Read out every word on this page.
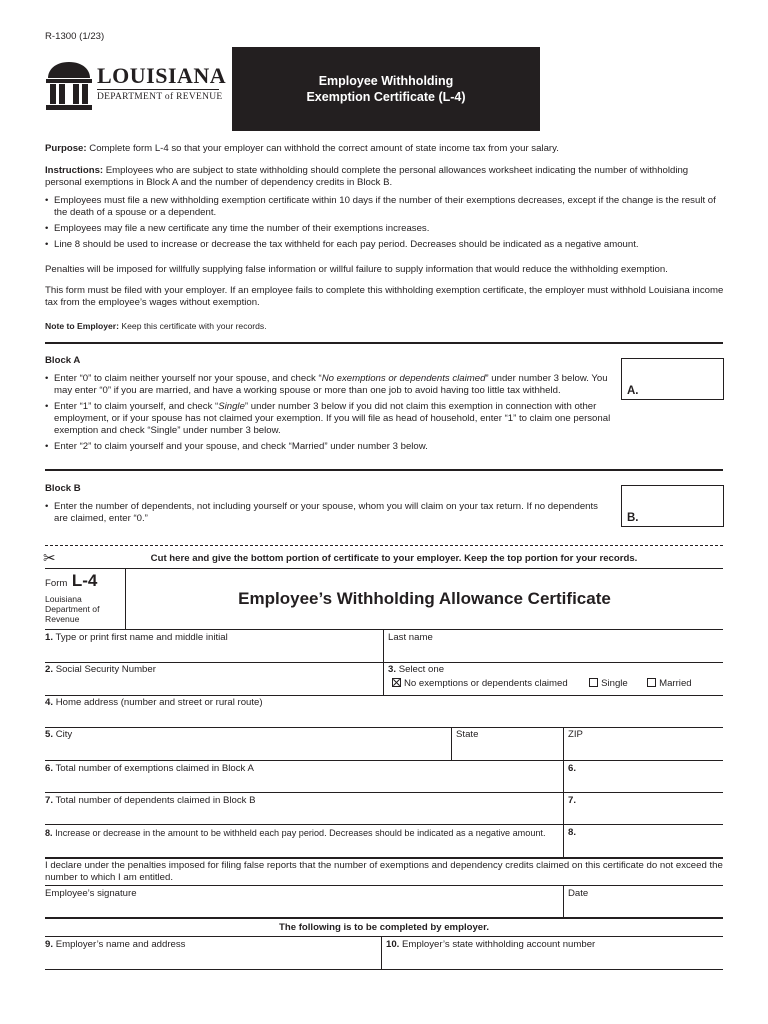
R-1300 (1/23)
LOUISIANA
DEPARTMENT of REVENUE
Employee Withholding
Exemption Certificate (L-4)
Purpose: Complete form L-4 so that your employer can withhold the correct amount of state income tax from your salary.
Instructions: Employees who are subject to state withholding should complete the personal allowances worksheet indicating the number of withholding personal exemptions in Block A and the number of dependency credits in Block B.
• Employees must file a new withholding exemption certificate within 10 days if the number of their exemptions decreases, except if the change is the result of the death of a spouse or a dependent.
• Employees may file a new certificate any time the number of their exemptions increases.
• Line 8 should be used to increase or decrease the tax withheld for each pay period. Decreases should be indicated as a negative amount.
Penalties will be imposed for willfully supplying false information or willful failure to supply information that would reduce the withholding exemption.
This form must be filed with your employer. If an employee fails to complete this withholding exemption certificate, the employer must withhold Louisiana income tax from the employee’s wages without exemption.
Note to Employer: Keep this certificate with your records.
Block A
• Enter “0” to claim neither yourself nor your spouse, and check “No exemptions or dependents claimed” under number 3 below. You may enter “0” if you are married, and have a working spouse or more than one job to avoid having too little tax withheld.
• Enter “1” to claim yourself, and check “Single” under number 3 below if you did not claim this exemption in connection with other employment, or if your spouse has not claimed your exemption. If you will file as head of household, enter “1” to claim one personal exemption and check “Single” under number 3 below.
• Enter “2” to claim yourself and your spouse, and check “Married” under number 3 below.
A.
Block B
• Enter the number of dependents, not including yourself or your spouse, whom you will claim on your tax return. If no dependents are claimed, enter “0.”	B.
✂	Cut here and give the bottom portion of certificate to your employer. Keep the top portion for your records.
Form L-4
Louisiana
Department of
Revenue
Employee’s Withholding Allowance Certificate
1. Type or print first name and middle initial	Last name
2. Social Security Number	3. Select one
No exemptions or dependents claimed	Single	Married
4. Home address (number and street or rural route)
5. City	State	ZIP
6. Total number of exemptions claimed in Block A	6.
7. Total number of dependents claimed in Block B	7.
8. Increase or decrease in the amount to be withheld each pay period. Decreases should be indicated as a negative amount. 8.
I declare under the penalties imposed for filing false reports that the number of exemptions and dependency credits claimed on this certificate do not exceed the number to which I am entitled.
Employee’s signature	Date
The following is to be completed by employer.
9. Employer’s name and address	10. Employer’s state withholding account number
